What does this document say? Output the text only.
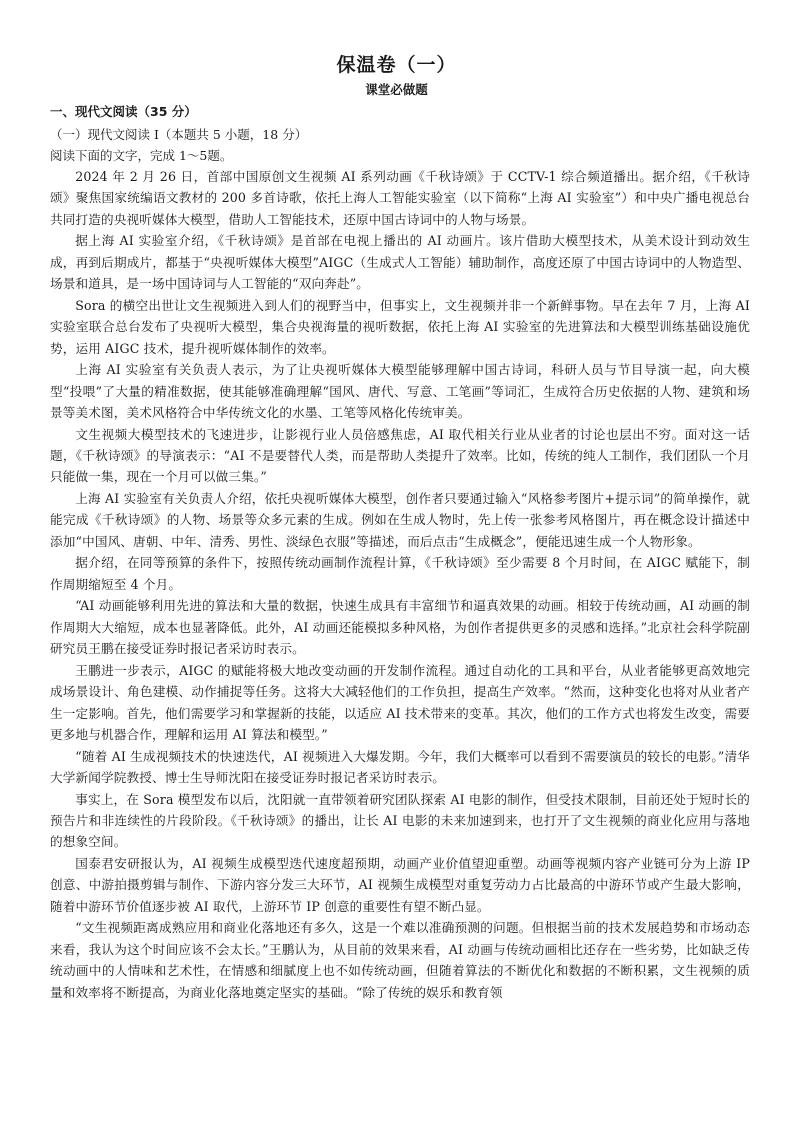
保温卷（一）
课堂必做题
一、现代文阅读（35 分）
（一）现代文阅读 I（本题共 5 小题，18 分）
阅读下面的文字，完成 1～5题。

2024 年 2 月 26 日，首部中国原创文生视频 AI 系列动画《千秋诗颂》于 CCTV-1 综合频道播出。据介绍，《千秋诗颂》聚焦国家统编语文教材的 200 多首诗歌，依托上海人工智能实验室（以下简称“上海 AI 实验室”）和中央广播电视总台共同打造的央视听媒体大模型，借助人工智能技术，还原中国古诗词中的人物与场景。

据上海 AI 实验室介绍，《千秋诗颂》是首部在电视上播出的 AI 动画片。该片借助大模型技术，从美术设计到动效生成，再到后期成片，都基于“央视听媒体大模型”AIGC（生成式人工智能）辅助制作，高度还原了中国古诗词中的人物造型、场景和道具，是一场中国诗词与人工智能的“双向奔赴”。

Sora 的横空出世让文生视频进入到人们的视野当中，但事实上，文生视频并非一个新鲜事物。早在去年 7 月，上海 AI 实验室联合总台发布了央视听大模型，集合央视海量的视听数据，依托上海 AI 实验室的先进算法和大模型训练基础设施优势，运用 AIGC 技术，提升视听媒体制作的效率。

上海 AI 实验室有关负责人表示，为了让央视听媒体大模型能够理解中国古诗词，科研人员与节目导演一起，向大模型“投喂”了大量的精准数据，使其能够准确理解“国风、唐代、写意、工笔画”等词汇，生成符合历史依据的人物、建筑和场景等美术图，美术风格符合中华传统文化的水墨、工笔等风格化传统审美。

文生视频大模型技术的飞速进步，让影视行业人员倍感焦虑，AI 取代相关行业从业者的讨论也层出不穷。面对这一话题，《千秋诗颂》的导演表示：“AI 不是要替代人类，而是帮助人类提升了效率。比如，传统的纯人工制作，我们团队一个月只能做一集，现在一个月可以做三集。”

上海 AI 实验室有关负责人介绍，依托央视听媒体大模型，创作者只要通过输入“风格参考图片+提示词”的简单操作，就能完成《千秋诗颂》的人物、场景等众多元素的生成。例如在生成人物时，先上传一张参考风格图片，再在概念设计描述中添加“中国风、唐朝、中年、清秀、男性、淡绿色衣服”等描述，而后点击“生成概念”，便能迅速生成一个人物形象。

据介绍，在同等预算的条件下，按照传统动画制作流程计算，《千秋诗颂》至少需要 8 个月时间，在 AIGC 赋能下，制作周期缩短至 4 个月。

“AI 动画能够利用先进的算法和大量的数据，快速生成具有丰富细节和逼真效果的动画。相较于传统动画，AI 动画的制作周期大大缩短，成本也显著降低。此外，AI 动画还能模拟多种风格，为创作者提供更多的灵感和选择。”北京社会科学院副研究员王鹏在接受证券时报记者采访时表示。

王鹏进一步表示，AIGC 的赋能将极大地改变动画的开发制作流程。通过自动化的工具和平台，从业者能够更高效地完成场景设计、角色建模、动作捕捉等任务。这将大大减轻他们的工作负担，提高生产效率。“然而，这种变化也将对从业者产生一定影响。首先，他们需要学习和掌握新的技能，以适应 AI 技术带来的变革。其次，他们的工作方式也将发生改变，需要更多地与机器合作，理解和运用 AI 算法和模型。”

“随着 AI 生成视频技术的快速迭代，AI 视频进入大爆发期。今年，我们大概率可以看到不需要演员的较长的电影。”清华大学新闻学院教授、博士生导师沈阳在接受证券时报记者采访时表示。

事实上，在 Sora 模型发布以后，沈阳就一直带领着研究团队探索 AI 电影的制作，但受技术限制，目前还处于短时长的预告片和非连续性的片段阶段。《千秋诗颂》的播出，让长 AI 电影的未来加速到来，也打开了文生视频的商业化应用与落地的想象空间。

国泰君安研报认为，AI 视频生成模型迭代速度超预期，动画产业价值望迎重塑。动画等视频内容产业链可分为上游 IP 创意、中游拍摄剪辑与制作、下游内容分发三大环节，AI 视频生成模型对重复劳动力占比最高的中游环节或产生最大影响，随着中游环节价值逐步被 AI 取代，上游环节 IP 创意的重要性有望不断凸显。

“文生视频距离成熟应用和商业化落地还有多久，这是一个难以准确预测的问题。但根据当前的技术发展趋势和市场动态来看，我认为这个时间应该不会太长。”王鹏认为，从目前的效果来看，AI 动画与传统动画相比还存在一些劣势，比如缺乏传统动画中的人情味和艺术性，在情感和细腻度上也不如传统动画，但随着算法的不断优化和数据的不断积累，文生视频的质量和效率将不断提高，为商业化落地奠定坚实的基础。“除了传统的娱乐和教育领
